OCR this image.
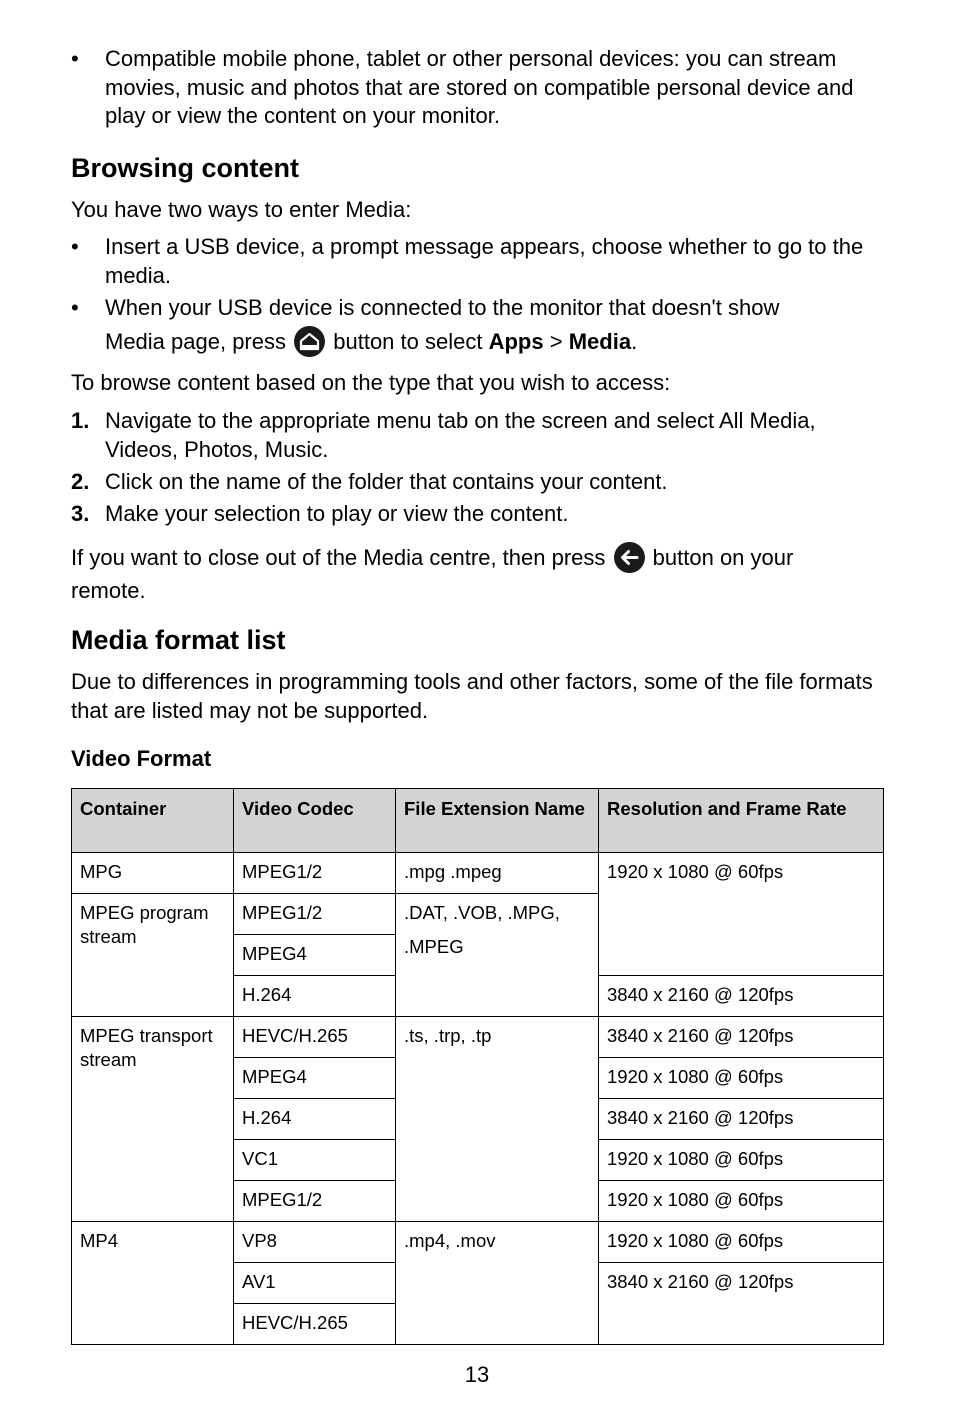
•	Compatible mobile phone, tablet or other personal devices: you can stream movies, music and photos that are stored on compatible personal device and play or view the content on your monitor.
Browsing content

You have two ways to enter Media:

•	Insert a USB device, a prompt message appears, choose whether to go to the media.
•	When your USB device is connected to the monitor that doesn't show
Media page, press button to select Apps > Media.

To browse content based on the type that you wish to access:

1. Navigate to the appropriate menu tab on the screen and select All Media, Videos, Photos, Music.
2. Click on the name of the folder that contains your content.
3. Make your selection to play or view the content.

If you want to close out of the Media centre, then press button on your
remote.

Media format list

Due to differences in programming tools and other factors, some of the file formats that are listed may not be supported.

Video Format
Container	Video Codec	File Extension Name	Resolution and Frame Rate
MPG	MPEG1/2	.mpg .mpeg	1920 x 1080 @ 60fps
MPEG program stream	MPEG1/2	.DAT, .VOB, .MPG, .MPEG	
	MPEG4		
	H.264		3840 x 2160 @ 120fps
MPEG transport stream	HEVC/H.265	.ts, .trp, .tp	3840 x 2160 @ 120fps
	MPEG4		1920 x 1080 @ 60fps
	H.264		3840 x 2160 @ 120fps
	VC1		1920 x 1080 @ 60fps
	MPEG1/2		1920 x 1080 @ 60fps
MP4	VP8	.mp4, .mov	1920 x 1080 @ 60fps
	AV1		3840 x 2160 @ 120fps
	HEVC/H.265		
13
